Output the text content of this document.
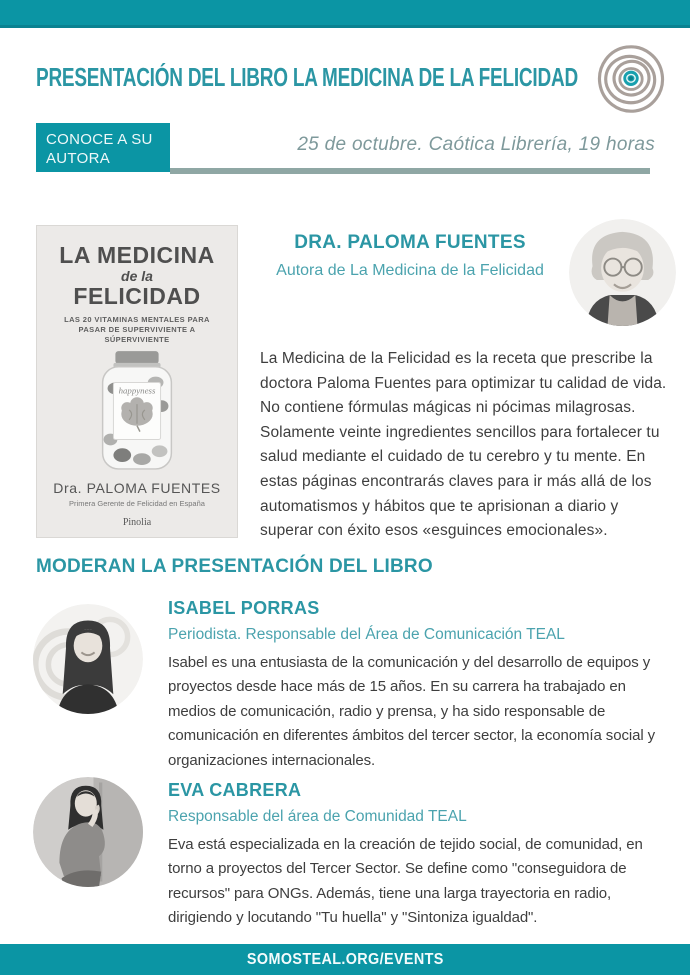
PRESENTACIÓN DEL LIBRO LA MEDICINA DE LA FELICIDAD
CONOCE A SU AUTORA
25 de octubre. Caótica Librería, 19 horas
LA MEDICINA
de la
FELICIDAD
LAS 20 VITAMINAS MENTALES PARA PASAR DE SUPERVIVIENTE A SÚPERVIVIENTE
happyness
Dra. PALOMA FUENTES
Primera Gerente de Felicidad en España
Pinolia
DRA. PALOMA FUENTES
Autora de La Medicina de la Felicidad
La Medicina de la Felicidad es la receta que prescribe la doctora Paloma Fuentes para optimizar tu calidad de vida. No contiene fórmulas mágicas ni pócimas milagrosas. Solamente veinte ingredientes sencillos para fortalecer tu salud mediante el cuidado de tu cerebro y tu mente. En estas páginas encontrarás claves para ir más allá de los automatismos y hábitos que te aprisionan a diario y superar con éxito esos «esguinces emocionales».
MODERAN LA PRESENTACIÓN DEL LIBRO
ISABEL PORRAS
Periodista. Responsable del Área de Comunicación TEAL
Isabel es una entusiasta de la comunicación y del desarrollo de equipos y proyectos desde hace más de 15 años. En su carrera ha trabajado en medios de comunicación, radio y prensa, y ha sido responsable de comunicación en diferentes ámbitos del tercer sector, la economía social y organizaciones internacionales.
EVA CABRERA
Responsable del área de Comunidad TEAL
Eva está especializada en la creación de tejido social, de comunidad, en torno a proyectos del Tercer Sector. Se define como "conseguidora de recursos" para ONGs. Además, tiene una larga trayectoria en radio, dirigiendo y locutando "Tu huella" y "Sintoniza igualdad".
SOMOSTEAL.ORG/EVENTS
